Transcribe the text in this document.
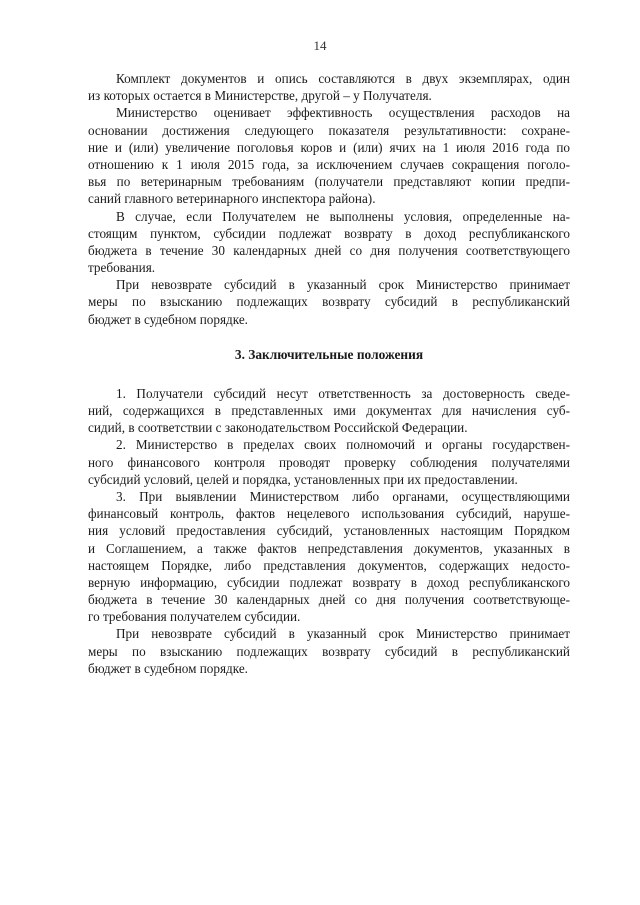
14
Комплект документов и опись составляются в двух экземплярах, один
из которых остается в Министерстве, другой – у Получателя.
Министерство оценивает эффективность осуществления расходов на
основании достижения следующего показателя результативности: сохране-
ние и (или) увеличение поголовья коров и (или) ячих на 1 июля 2016 года по
отношению к 1 июля 2015 года, за исключением случаев сокращения поголо-
вья по ветеринарным требованиям (получатели представляют копии предпи-
саний главного ветеринарного инспектора района).
В случае, если Получателем не выполнены условия, определенные на-
стоящим пунктом, субсидии подлежат возврату в доход республиканского
бюджета в течение 30 календарных дней со дня получения соответствующего
требования.
При невозврате субсидий в указанный срок Министерство принимает
меры по взысканию подлежащих возврату субсидий в республиканский
бюджет в судебном порядке.
3. Заключительные положения
1. Получатели субсидий несут ответственность за достоверность сведе-
ний, содержащихся в представленных ими документах для начисления суб-
сидий, в соответствии с законодательством Российской Федерации.
2. Министерство в пределах своих полномочий и органы государствен-
ного финансового контроля проводят проверку соблюдения получателями
субсидий условий, целей и порядка, установленных при их предоставлении.
3. При выявлении Министерством либо органами, осуществляющими
финансовый контроль, фактов нецелевого использования субсидий, наруше-
ния условий предоставления субсидий, установленных настоящим Порядком
и Соглашением, а также фактов непредставления документов, указанных в
настоящем Порядке, либо представления документов, содержащих недосто-
верную информацию, субсидии подлежат возврату в доход республиканского
бюджета в течение 30 календарных дней со дня получения соответствующе-
го требования получателем субсидии.
При невозврате субсидий в указанный срок Министерство принимает
меры по взысканию подлежащих возврату субсидий в республиканский
бюджет в судебном порядке.
